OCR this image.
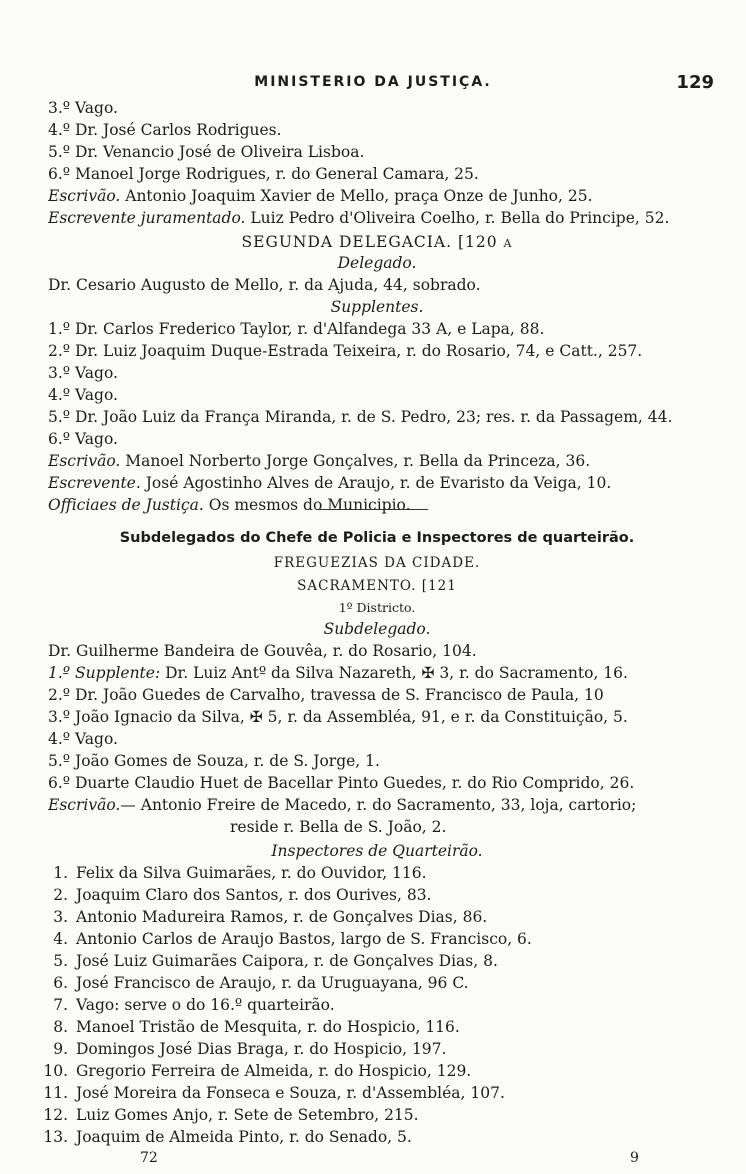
MINISTERIO DA JUSTIÇA.	129
3.º Vago.
4.º Dr. José Carlos Rodrigues.
5.º Dr. Venancio José de Oliveira Lisboa.
6.º Manoel Jorge Rodrigues, r. do General Camara, 25.
Escrivão. Antonio Joaquim Xavier de Mello, praça Onze de Junho, 25.
Escrevente juramentado. Luiz Pedro d'Oliveira Coelho, r. Bella do Principe, 52.
SEGUNDA DELEGACIA. [120 a
Delegado.
Dr. Cesario Augusto de Mello, r. da Ajuda, 44, sobrado.
Supplentes.
1.º Dr. Carlos Frederico Taylor, r. d'Alfandega 33 A, e Lapa, 88.
2.º Dr. Luiz Joaquim Duque-Estrada Teixeira, r. do Rosario, 74, e Catt., 257.
3.º Vago.
4.º Vago.
5.º Dr. João Luiz da França Miranda, r. de S. Pedro, 23; res. r. da Passagem, 44.
6.º Vago.
Escrivão. Manoel Norberto Jorge Gonçalves, r. Bella da Princeza, 36.
Escrevente. José Agostinho Alves de Araujo, r. de Evaristo da Veiga, 10.
Officiaes de Justiça. Os mesmos do Municipio.
Subdelegados do Chefe de Policia e Inspectores de quarteirão.
FREGUEZIAS DA CIDADE.
SACRAMENTO. [121
1º Districto.
Subdelegado.
Dr. Guilherme Bandeira de Gouvêa, r. do Rosario, 104.
1.º Supplente: Dr. Luiz Antº da Silva Nazareth, ✠ 3, r. do Sacramento, 16.
2.º Dr. João Guedes de Carvalho, travessa de S. Francisco de Paula, 10
3.º João Ignacio da Silva, ✠ 5, r. da Assembléa, 91, e r. da Constituição, 5.
4.º Vago.
5.º João Gomes de Souza, r. de S. Jorge, 1.
6.º Duarte Claudio Huet de Bacellar Pinto Guedes, r. do Rio Comprido, 26.
Escrivão.— Antonio Freire de Macedo, r. do Sacramento, 33, loja, cartorio;
reside r. Bella de S. João, 2.
Inspectores de Quarteirão.
1. Felix da Silva Guimarães, r. do Ouvidor, 116.
2. Joaquim Claro dos Santos, r. dos Ourives, 83.
3. Antonio Madureira Ramos, r. de Gonçalves Dias, 86.
4. Antonio Carlos de Araujo Bastos, largo de S. Francisco, 6.
5. José Luiz Guimarães Caipora, r. de Gonçalves Dias, 8.
6. José Francisco de Araujo, r. da Uruguayana, 96 C.
7. Vago: serve o do 16.º quarteirão.
8. Manoel Tristão de Mesquita, r. do Hospicio, 116.
9. Domingos José Dias Braga, r. do Hospicio, 197.
10. Gregorio Ferreira de Almeida, r. do Hospicio, 129.
11. José Moreira da Fonseca e Souza, r. d'Assembléa, 107.
12. Luiz Gomes Anjo, r. Sete de Setembro, 215.
13. Joaquim de Almeida Pinto, r. do Senado, 5.
72	9
